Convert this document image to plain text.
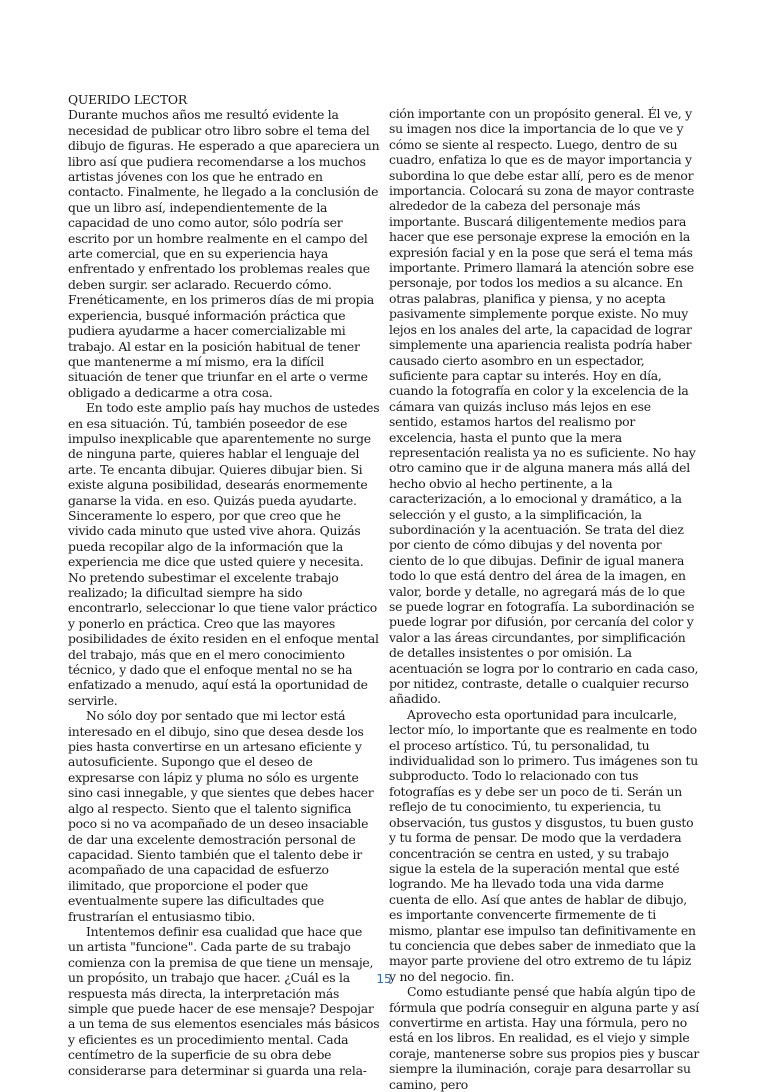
QUERIDO LECTOR

Durante muchos años me resultó evidente la necesidad de publicar otro libro sobre el tema del dibujo de figuras. He esperado a que apareciera un libro así que pudiera recomendarse a los muchos artistas jóvenes con los que he entrado en contacto. Finalmente, he llegado a la conclusión de que un libro así, independientemente de la capacidad de uno como autor, sólo podría ser escrito por un hombre realmente en el campo del arte comercial, que en su experiencia haya enfrentado y enfrentado los problemas reales que deben surgir. ser aclarado. Recuerdo cómo. Frenéticamente, en los primeros días de mi propia experiencia, busqué información práctica que pudiera ayudarme a hacer comercializable mi trabajo. Al estar en la posición habitual de tener que mantenerme a mí mismo, era la difícil situación de tener que triunfar en el arte o verme obligado a dedicarme a otra cosa.

En todo este amplio país hay muchos de ustedes en esa situación. Tú, también poseedor de ese impulso inexplicable que aparentemente no surge de ninguna parte, quieres hablar el lenguaje del arte. Te encanta dibujar. Quieres dibujar bien. Si existe alguna posibilidad, desearás enormemente ganarse la vida. en eso. Quizás pueda ayudarte. Sinceramente lo espero, por que creo que he vivido cada minuto que usted vive ahora. Quizás pueda recopilar algo de la información que la experiencia me dice que usted quiere y necesita. No pretendo subestimar el excelente trabajo realizado; la dificultad siempre ha sido encontrarlo, seleccionar lo que tiene valor práctico y ponerlo en práctica. Creo que las mayores posibilidades de éxito residen en el enfoque mental del trabajo, más que en el mero conocimiento técnico, y dado que el enfoque mental no se ha enfatizado a menudo, aquí está la oportunidad de servirle.

No sólo doy por sentado que mi lector está interesado en el dibujo, sino que desea desde los pies hasta convertirse en un artesano eficiente y autosuficiente. Supongo que el deseo de expresarse con lápiz y pluma no sólo es urgente sino casi innegable, y que sientes que debes hacer algo al respecto. Siento que el talento significa poco si no va acompañado de un deseo insaciable de dar una excelente demostración personal de capacidad. Siento también que el talento debe ir acompañado de una capacidad de esfuerzo ilimitado, que proporcione el poder que eventualmente supere las dificultades que frustrarían el entusiasmo tibio.

Intentemos definir esa cualidad que hace que un artista "funcione". Cada parte de su trabajo comienza con la premisa de que tiene un mensaje, un propósito, un trabajo que hacer. ¿Cuál es la respuesta más directa, la interpretación más simple que puede hacer de ese mensaje? Despojar a un tema de sus elementos esenciales más básicos y eficientes es un procedimiento mental. Cada centímetro de la superficie de su obra debe considerarse para determinar si guarda una rela-

ción importante con un propósito general. Él ve, y su imagen nos dice la importancia de lo que ve y cómo se siente al respecto. Luego, dentro de su cuadro, enfatiza lo que es de mayor importancia y subordina lo que debe estar allí, pero es de menor importancia. Colocará su zona de mayor contraste alrededor de la cabeza del personaje más importante. Buscará diligentemente medios para hacer que ese personaje exprese la emoción en la expresión facial y en la pose que será el tema más importante. Primero llamará la atención sobre ese personaje, por todos los medios a su alcance. En otras palabras, planifica y piensa, y no acepta pasivamente simplemente porque existe. No muy lejos en los anales del arte, la capacidad de lograr simplemente una apariencia realista podría haber causado cierto asombro en un espectador, suficiente para captar su interés. Hoy en día, cuando la fotografía en color y la excelencia de la cámara van quizás incluso más lejos en ese sentido, estamos hartos del realismo por excelencia, hasta el punto que la mera representación realista ya no es suficiente. No hay otro camino que ir de alguna manera más allá del hecho obvio al hecho pertinente, a la caracterización, a lo emocional y dramático, a la selección y el gusto, a la simplificación, la subordinación y la acentuación. Se trata del diez por ciento de cómo dibujas y del noventa por ciento de lo que dibujas. Definir de igual manera todo lo que está dentro del área de la imagen, en valor, borde y detalle, no agregará más de lo que se puede lograr en fotografía. La subordinación se puede lograr por difusión, por cercanía del color y valor a las áreas circundantes, por simplificación de detalles insistentes o por omisión. La acentuación se logra por lo contrario en cada caso, por nitidez, contraste, detalle o cualquier recurso añadido.

Aprovecho esta oportunidad para inculcarle, lector mío, lo importante que es realmente en todo el proceso artístico. Tú, tu personalidad, tu individualidad son lo primero. Tus imágenes son tu subproducto. Todo lo relacionado con tus fotografías es y debe ser un poco de ti. Serán un reflejo de tu conocimiento, tu experiencia, tu observación, tus gustos y disgustos, tu buen gusto y tu forma de pensar. De modo que la verdadera concentración se centra en usted, y su trabajo sigue la estela de la superación mental que esté logrando. Me ha llevado toda una vida darme cuenta de ello. Así que antes de hablar de dibujo, es importante convencerte firmemente de ti mismo, plantar ese impulso tan definitivamente en tu conciencia que debes saber de inmediato que la mayor parte proviene del otro extremo de tu lápiz y no del negocio. fin.

Como estudiante pensé que había algún tipo de fórmula que podría conseguir en alguna parte y así convertirme en artista. Hay una fórmula, pero no está en los libros. En realidad, es el viejo y simple coraje, mantenerse sobre sus propios pies y buscar siempre la iluminación, coraje para desarrollar su camino, pero

15
